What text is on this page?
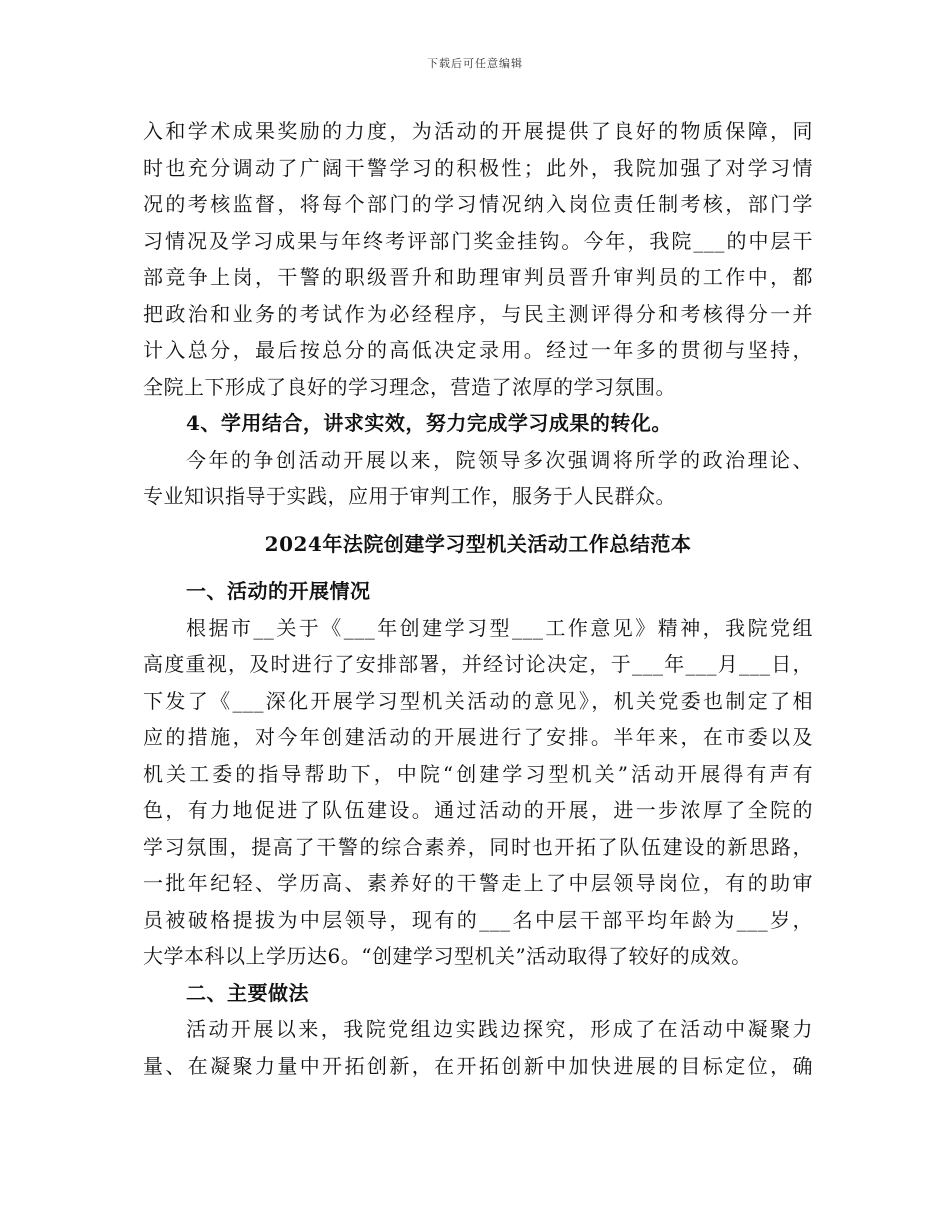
下载后可任意编辑
入和学术成果奖励的力度，为活动的开展提供了良好的物质保障，同
时也充分调动了广阔干警学习的积极性；此外，我院加强了对学习情
况的考核监督，将每个部门的学习情况纳入岗位责任制考核，部门学
习情况及学习成果与年终考评部门奖金挂钩。今年，我院___的中层干
部竞争上岗，干警的职级晋升和助理审判员晋升审判员的工作中，都
把政治和业务的考试作为必经程序，与民主测评得分和考核得分一并
计入总分，最后按总分的高低决定录用。经过一年多的贯彻与坚持，
全院上下形成了良好的学习理念，营造了浓厚的学习氛围。
4、学用结合，讲求实效，努力完成学习成果的转化。
今年的争创活动开展以来，院领导多次强调将所学的政治理论、
专业知识指导于实践，应用于审判工作，服务于人民群众。
2024年法院创建学习型机关活动工作总结范本
一、活动的开展情况
根据市__关于《___年创建学习型___工作意见》精神，我院党组
高度重视，及时进行了安排部署，并经讨论决定，于___年___月___日，
下发了《___深化开展学习型机关活动的意见》，机关党委也制定了相
应的措施，对今年创建活动的开展进行了安排。半年来，在市委以及
机关工委的指导帮助下，中院“创建学习型机关”活动开展得有声有
色，有力地促进了队伍建设。通过活动的开展，进一步浓厚了全院的
学习氛围，提高了干警的综合素养，同时也开拓了队伍建设的新思路，
一批年纪轻、学历高、素养好的干警走上了中层领导岗位，有的助审
员被破格提拔为中层领导，现有的___名中层干部平均年龄为___岁，
大学本科以上学历达6。“创建学习型机关”活动取得了较好的成效。
二、主要做法
活动开展以来，我院党组边实践边探究，形成了在活动中凝聚力
量、在凝聚力量中开拓创新，在开拓创新中加快进展的目标定位，确
